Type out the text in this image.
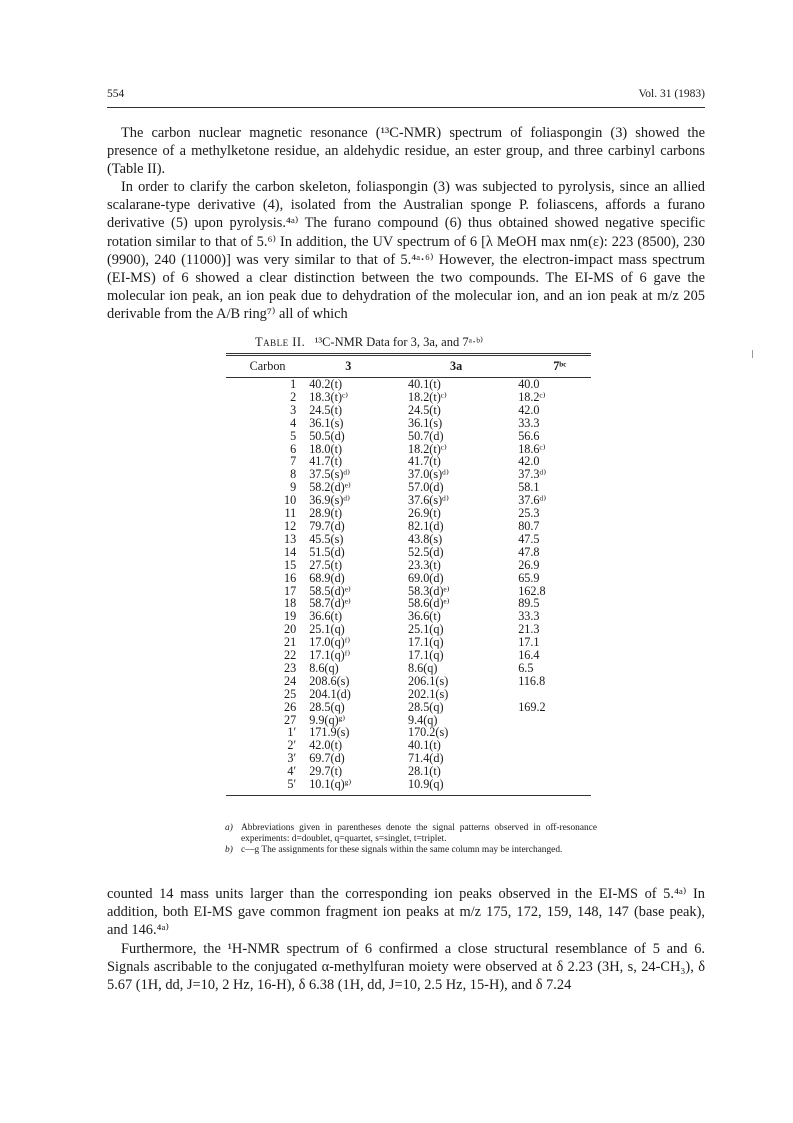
554	Vol. 31 (1983)

The carbon nuclear magnetic resonance (¹³C-NMR) spectrum of foliaspongin (3) showed the presence of a methylketone residue, an aldehydic residue, an ester group, and three carbinyl carbons (Table II).

In order to clarify the carbon skeleton, foliaspongin (3) was subjected to pyrolysis, since an allied scalarane-type derivative (4), isolated from the Australian sponge P. foliascens, affords a furano derivative (5) upon pyrolysis.⁴ᵃ⁾ The furano compound (6) thus obtained showed negative specific rotation similar to that of 5.⁶⁾ In addition, the UV spectrum of 6 [λ MeOH max nm(ε): 223 (8500), 230 (9900), 240 (11000)] was very similar to that of 5.⁴ᵃ·⁶⁾ However, the electron-impact mass spectrum (EI-MS) of 6 showed a clear distinction between the two compounds. The EI-MS of 6 gave the molecular ion peak, an ion peak due to dehydration of the molecular ion, and an ion peak at m/z 205 derivable from the A/B ring⁷⁾ all of which

Table II. ¹³C-NMR Data for 3, 3a, and 7ᵃ·ᵇ⁾
Carbon	3	3a	7ᵇᶜ

1	40.2(t)	40.1(t)	40.0
2	18.3(t)ᶜ⁾	18.2(t)ᶜ⁾	18.2ᶜ⁾
3	24.5(t)	24.5(t)	42.0
4	36.1(s)	36.1(s)	33.3
5	50.5(d)	50.7(d)	56.6
6	18.0(t)	18.2(t)ᶜ⁾	18.6ᶜ⁾
7	41.7(t)	41.7(t)	42.0
8	37.5(s)ᵈ⁾	37.0(s)ᵈ⁾	37.3ᵈ⁾
9	58.2(d)ᵉ⁾	57.0(d)	58.1
10	36.9(s)ᵈ⁾	37.6(s)ᵈ⁾	37.6ᵈ⁾
11	28.9(t)	26.9(t)	25.3
12	79.7(d)	82.1(d)	80.7
13	45.5(s)	43.8(s)	47.5
14	51.5(d)	52.5(d)	47.8
15	27.5(t)	23.3(t)	26.9
16	68.9(d)	69.0(d)	65.9
17	58.5(d)ᵉ⁾	58.3(d)ᵉ⁾	162.8
18	58.7(d)ᵉ⁾	58.6(d)ᵉ⁾	89.5
19	36.6(t)	36.6(t)	33.3
20	25.1(q)	25.1(q)	21.3
21	17.0(q)ᶠ⁾	17.1(q)	17.1
22	17.1(q)ᶠ⁾	17.1(q)	16.4
23	8.6(q)	8.6(q)	6.5
24	208.6(s)	206.1(s)	116.8
25	204.1(d)	202.1(s)	
26	28.5(q)	28.5(q)	169.2
27	9.9(q)ᵍ⁾	9.4(q)	
1′	171.9(s)	170.2(s)	
2′	42.0(t)	40.1(t)	
3′	69.7(d)	71.4(d)	
4′	29.7(t)	28.1(t)	
5′	10.1(q)ᵍ⁾	10.9(q)	
a) Abbreviations given in parentheses denote the signal patterns observed in off-resonance experiments: d=doublet, q=quartet, s=singlet, t=triplet.
b) c—g The assignments for these signals within the same column may be interchanged.

counted 14 mass units larger than the corresponding ion peaks observed in the EI-MS of 5.⁴ᵃ⁾ In addition, both EI-MS gave common fragment ion peaks at m/z 175, 172, 159, 148, 147 (base peak), and 146.⁴ᵃ⁾

Furthermore, the ¹H-NMR spectrum of 6 confirmed a close structural resemblance of 5 and 6. Signals ascribable to the conjugated α-methylfuran moiety were observed at δ 2.23 (3H, s, 24-CH₃), δ 5.67 (1H, dd, J=10, 2 Hz, 16-H), δ 6.38 (1H, dd, J=10, 2.5 Hz, 15-H), and δ 7.24
